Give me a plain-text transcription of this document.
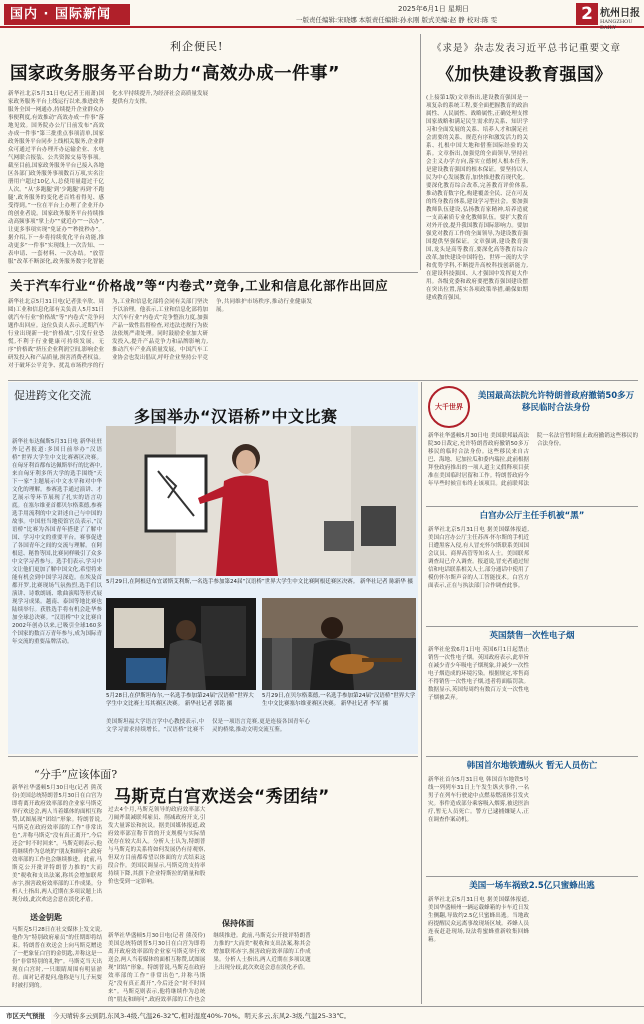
国内 · 国际新闻	2025年6月1日 星期日
一版责任编辑:宋晓娜 本版责任编辑:孙永刚 版式美编:赵 静 校对:陈 雯	2 杭州日报
HANGZHOU DAILY
利企便民!
国家政务服务平台助力“高效办成一件事”
新华社北京5月31日电(记者王雨萧)国家政务服务平台上线运行以来,推进政务服务全国一网通办,持续提升企业群众办事便利度,有效推动“高效办成一件事”落地见效。国务院办公厅日前发布“高效办成一件事”第三批重点事项清单,国家政务服务平台同步上线相关服务,企业群众可通过平台办理开办运输企业、水电气网联合报装、公共资源交易等事项。截至目前,国家政务服务平台已接入各地区各部门政务服务事项数百万项,实名注册用户超过10亿人,总使用量超过千亿人次。“从‘多跑腿’到‘少跑腿’再到‘不跑腿’,政务服务的变化老百姓看得见、感受得到。”一位在平台上办理了企业开办的创业者说。国家政务服务平台持续推动高频事项“掌上办”“就近办”“一次办”,让更多事项实现“免证办”“秒批秒办”。据介绍,下一步将持续优化平台功能,推动更多“一件事”实现线上一次告知、一表申请、一套材料、一次办结。“放管服”改革不断深化,政务服务数字化智能化水平持续提升,为经济社会高质量发展提供有力支撑。
《求是》杂志发表习近平总书记重要文章
《加快建设教育强国》
(上接第1版)文章指出,建设教育强国是一项复杂的系统工程,要全面把握教育的政治属性、人民属性、战略属性,正确处理支撑国家战略和满足民生需求的关系、知识学习和全面发展的关系、培养人才和满足社会需要的关系、规范有序和激发活力的关系、扎根中国大地和借鉴国际经验的关系。文章指出,加强党的全面领导,坚持社会主义办学方向,落实立德树人根本任务,是建设教育强国的根本保证。要坚持以人民为中心发展教育,加快推进教育现代化。要深化教育综合改革,完善教育评价体系,推动教育数字化,构建覆盖全民、泛在可及的终身教育体系,建设学习型社会。要加强教师队伍建设,弘扬教育家精神,培养造就一支高素质专业化教师队伍。要扩大教育对外开放,提升我国教育国际影响力。要加强党对教育工作的全面领导,为建设教育强国提供坚强保证。文章强调,建设教育强国,龙头是高等教育,要深化高等教育综合改革,加快建设中国特色、世界一流的大学和优势学科,不断提升高校科技创新能力,在建设科技强国、人才强国中发挥更大作用。各级党委和政府要把教育强国建设摆在突出位置,落实各项政策举措,确保如期建成教育强国。
关于汽车行业“价格战”等“内卷式”竞争,工业和信息化部作出回应
新华社北京5月31日电(记者张辛欣、周圆)工业和信息化部有关负责人5月31日就汽车行业“价格战”等“内卷式”竞争问题作出回应。这位负责人表示,近期汽车行业出现新一轮“价格战”,引发行业恐慌,不利于行业健康可持续发展。无序“价格战”挤压企业利润空间,影响企业研发投入和产品质量,损害消费者权益。对于破坏公平竞争、扰乱市场秩序的行为,工业和信息化部将会同有关部门坚决予以治理。他表示,工业和信息化部将加大汽车行业“内卷式”竞争整治力度,加强产品一致性监督检查,对违法违规行为依法依规严肃处理。同时鼓励企业加大研发投入,提升产品竞争力和品牌影响力,推动汽车产业高质量发展。中国汽车工业协会也发出倡议,呼吁企业坚持公平竞争,共同维护市场秩序,推动行业健康发展。
促进跨文化交流
多国举办“汉语桥”中文比赛
新华社布达佩斯5月31日电 新华社驻外记者报道:多国日前举办“汉语桥”世界大学生中文比赛赛区决赛。在匈牙利首都布达佩斯举行的比赛中,来自匈牙利多所大学的选手围绕“天下一家”主题展示中文水平和对中华文化的理解。参赛选手通过演讲、才艺展示等环节展现了扎实的语言功底。在塞尔维亚首都贝尔格莱德,参赛选手用流利的中文讲述自己与中国的故事。中国驻当地使馆官员表示,“汉语桥”比赛为各国青年搭建了了解中国、学习中文的重要平台。赛事促进了各国青年之间的交流与理解。在阿根廷、秘鲁等国,比赛同样吸引了众多中文学习者参与。选手们表示,学习中文让他们更加了解中国文化,希望将来能有机会到中国学习深造。在埃及首都开罗,比赛现场气氛热烈,选手们以演讲、诗歌朗诵、歌曲演唱等形式展现学习成果。越南、泰国等地比赛也陆续举行。获胜选手将有机会赴华参加全球总决赛。“汉语桥”中文比赛自2002年创办以来,已吸引全球160多个国家的数百万青年参与,成为国际青年交流的重要品牌活动。
5月29日,在阿根廷布宜诺斯艾利斯,一名选手参加第24届“汉语桥”世界大学生中文比赛阿根廷赛区决赛。 新华社记者 陈新华 摄
5月28日,在伊斯坦布尔,一名选手参加第24届“汉语桥”世界大学生中文比赛土耳其赛区决赛。 新华社记者 郭铭 摄
5月29日,在贝尔格莱德,一名选手参加第24届“汉语桥”世界大学生中文比赛塞尔维亚赛区决赛。 新华社记者 李军 摄
美国斯坦福大学语言学中心教授表示,中文学习需求持续增长。“汉语桥”比赛不仅是一项语言竞赛,更是连接各国青年心灵的桥梁,推动文明交流互鉴。
“分手”应该体面?
马斯克白宫欢送会“秀团结”
新华社华盛顿5月30日电(记者 熊茂伶)美国总统特朗普5月30日在白宫为即将离开政府效率部的企业家马斯克举行欢送会,两人当着媒体的面相互称赞,试图展现“团结”形象。特朗普说,马斯克在政府效率部的工作“非常出色”,并称马斯克“没有真正离开”,今后还会“时不时回来”。马斯克则表示,他将继续作为总统的“朋友和顾问”,政府效率部的工作也会继续推进。此前,马斯克公开批评特朗普力推的“大而美”税收和支出法案,称其会增加联邦赤字,损害政府效率部的工作成果。分析人士指出,两人近期在多项议题上出现分歧,此次欢送会意在淡化矛盾。
送金钥匙
马斯克5月28日在社交媒体上发文说,他作为“特别政府雇员”的任期即将结束。特朗普在欢送会上向马斯克赠送了一把象征白宫的金钥匙,并称这是一份“非常特别的礼物”。马斯克当天出现在白宫时,一只眼睛周围有明显淤青。面对记者提问,他称是与儿子玩耍时被打到的。
过去4个月,马斯克领导的政府效率部大刀阔斧裁减联邦雇员、削减政府开支,引发大量诉讼和抗议。据美国媒体报道,政府效率部宣称节省的开支规模与实际情况存在较大出入。分析人士认为,特朗普与马斯克的关系将如何发展仍有待观察,但双方目前都希望以体面的方式结束这段合作。美国民调显示,马斯克的支持率持续下降,其旗下企业特斯拉的销量和股价也受到一定影响。
保持体面
新华社华盛顿5月30日电(记者 熊茂伶)美国总统特朗普5月30日在白宫为即将离开政府效率部的企业家马斯克举行欢送会,两人当着媒体的面相互称赞,试图展现“团结”形象。特朗普说,马斯克在政府效率部的工作“非常出色”,并称马斯克“没有真正离开”,今后还会“时不时回来”。马斯克则表示,他将继续作为总统的“朋友和顾问”,政府效率部的工作也会继续推进。此前,马斯克公开批评特朗普力推的“大而美”税收和支出法案,称其会增加联邦赤字,损害政府效率部的工作成果。分析人士指出,两人近期在多项议题上出现分歧,此次欢送会意在淡化矛盾。
大千世界
美国最高法院允许特朗普政府撤销50多万移民临时合法身份
新华社华盛顿5月30日电 美国联邦最高法院30日裁定,允许特朗普政府撤销50多万移民的临时合法身份。这些移民来自古巴、海地、尼加拉瓜和委内瑞拉,此前根据拜登政府推出的一项人道主义假释项目获准在美国临时居留和工作。特朗普政府今年早些时候宣布终止该项目。此前联邦法院一名法官暂时阻止政府撤销这些移民的合法身份。
白宫办公厅主任手机被“黑”
新华社北京5月31日电 据美国媒体报道,美国白宫办公厅主任苏西·怀尔斯的手机近日遭黑客入侵,有人冒充怀尔斯联系美国国会议员、商界高管等知名人士。美国联邦调查局已介入调查。报道说,冒充者通过短信和电话联系相关人士,部分通话中使用了模仿怀尔斯声音的人工智能技术。白宫方面表示,正在与执法部门合作调查此事。
英国禁售一次性电子烟
新华社伦敦6月1日电 英国6月1日起禁止销售一次性电子烟。英国政府表示,此举旨在减少青少年吸电子烟现象,并减少一次性电子烟造成的环境污染。根据规定,零售商不得销售一次性电子烟,违者将面临罚款。数据显示,英国每周约有数百万支一次性电子烟被丢弃。
韩国首尔地铁遭纵火 暂无人员伤亡
新华社首尔5月31日电 韩国首尔地铁5号线一列列车31日上午发生纵火事件,一名男子在列车行驶途中点燃易燃液体引发火灾。事件造成部分乘客吸入烟雾,被送医治疗,暂无人员死亡。警方已逮捕嫌疑人,正在调查作案动机。
美国一场车祸致2.5亿只蜜蜂出逃
新华社北京5月31日电 据美国媒体报道,美国华盛顿州一辆运载蜂箱的卡车近日发生侧翻,导致约2.5亿只蜜蜂出逃。当地政府提醒民众远离事故现场区域。养蜂人员连夜赶赴现场,设法将蜜蜂重新收集回蜂箱。
市区天气预报 今天晴转多云到阴,东风3-4级,气温26-32℃,相对湿度40%-70%。明天多云,东风2-3级,气温25-33℃。
